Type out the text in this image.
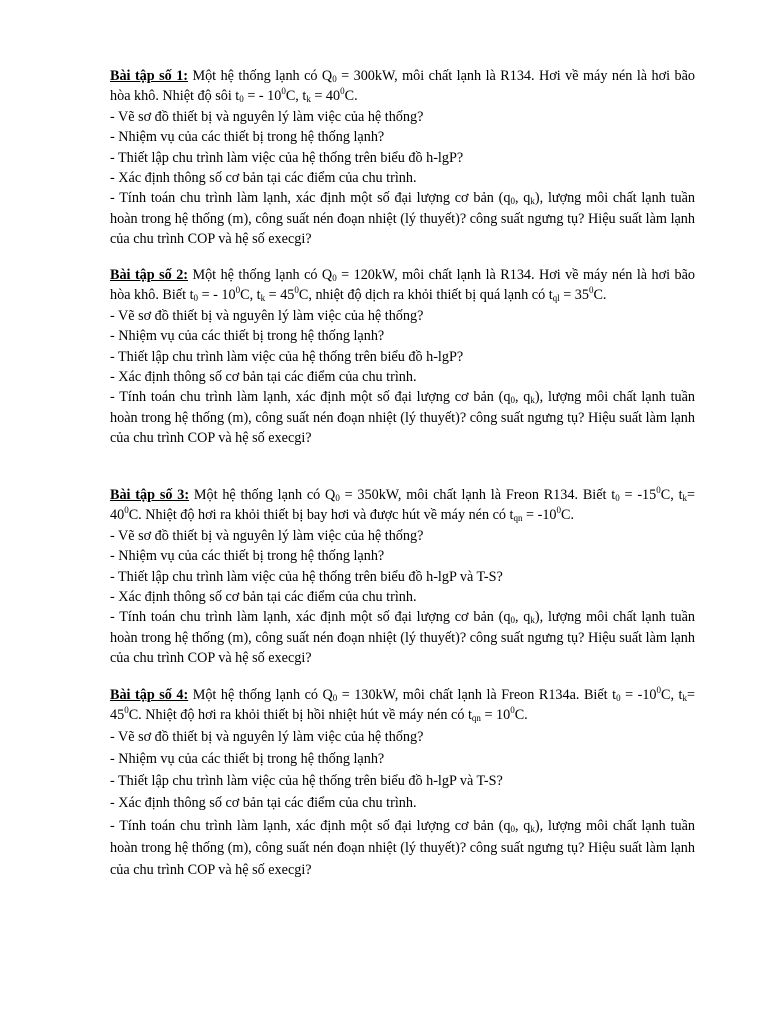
Bài tập số 1: Một hệ thống lạnh có $Q_0 = 300kW$, môi chất lạnh là R134. Hơi về máy nén là hơi bão hòa khô. Nhiệt độ sôi $t_0$ = - $10^0C$, $t_k = 40^0C$.

- Vẽ sơ đồ thiết bị và nguyên lý làm việc của hệ thống?

- Nhiệm vụ của các thiết bị trong hệ thống lạnh?

- Thiết lập chu trình làm việc của hệ thống trên biểu đồ h-lgP?

- Xác định thông số cơ bản tại các điểm của chu trình.

- Tính toán chu trình làm lạnh, xác định một số đại lượng cơ bản ($q_0$, $q_k$), lượng môi chất lạnh tuần hoàn trong hệ thống (m), công suất nén đoạn nhiệt (lý thuyết)? công suất ngưng tụ? Hiệu suất làm lạnh của chu trình COP và hệ số execgi?

Bài tập số 2: Một hệ thống lạnh có $Q_0 = 120kW$, môi chất lạnh là R134. Hơi về máy nén là hơi bão hòa khô. Biết $t_0$ = - $10^0C$, $t_k = 45^0C$, nhiệt độ dịch ra khỏi thiết bị quá lạnh có $t_{ql} = 35^0C$.

- Vẽ sơ đồ thiết bị và nguyên lý làm việc của hệ thống?

- Nhiệm vụ của các thiết bị trong hệ thống lạnh?

- Thiết lập chu trình làm việc của hệ thống trên biểu đồ h-lgP?

- Xác định thông số cơ bản tại các điểm của chu trình.

- Tính toán chu trình làm lạnh, xác định một số đại lượng cơ bản ($q_0$, $q_k$), lượng môi chất lạnh tuần hoàn trong hệ thống (m), công suất nén đoạn nhiệt (lý thuyết)? công suất ngưng tụ? Hiệu suất làm lạnh của chu trình COP và hệ số execgi?

Bài tập số 3: Một hệ thống lạnh có $Q_0 = 350kW$, môi chất lạnh là Freon R134. Biết $t_0 = -15^0C$, $t_k= 40^0C$. Nhiệt độ hơi ra khỏi thiết bị bay hơi và được hút về máy nén có $t_{qn} = -10^0C$.

- Vẽ sơ đồ thiết bị và nguyên lý làm việc của hệ thống?

- Nhiệm vụ của các thiết bị trong hệ thống lạnh?

- Thiết lập chu trình làm việc của hệ thống trên biểu đồ h-lgP và T-S?

- Xác định thông số cơ bản tại các điểm của chu trình.

- Tính toán chu trình làm lạnh, xác định một số đại lượng cơ bản ($q_0$, $q_k$), lượng môi chất lạnh tuần hoàn trong hệ thống (m), công suất nén đoạn nhiệt (lý thuyết)? công suất ngưng tụ? Hiệu suất làm lạnh của chu trình COP và hệ số execgi?

Bài tập số 4: Một hệ thống lạnh có $Q_0 = 130kW$, môi chất lạnh là Freon R134a. Biết $t_0 = -10^0C$, $t_k= 45^0C$. Nhiệt độ hơi ra khỏi thiết bị hồi nhiệt hút về máy nén có $t_{qn} = 10^0C$.

- Vẽ sơ đồ thiết bị và nguyên lý làm việc của hệ thống?

- Nhiệm vụ của các thiết bị trong hệ thống lạnh?

- Thiết lập chu trình làm việc của hệ thống trên biểu đồ h-lgP và T-S?

- Xác định thông số cơ bản tại các điểm của chu trình.

- Tính toán chu trình làm lạnh, xác định một số đại lượng cơ bản ($q_0$, $q_k$), lượng môi chất lạnh tuần hoàn trong hệ thống (m), công suất nén đoạn nhiệt (lý thuyết)? công suất ngưng tụ? Hiệu suất làm lạnh của chu trình COP và hệ số execgi?
